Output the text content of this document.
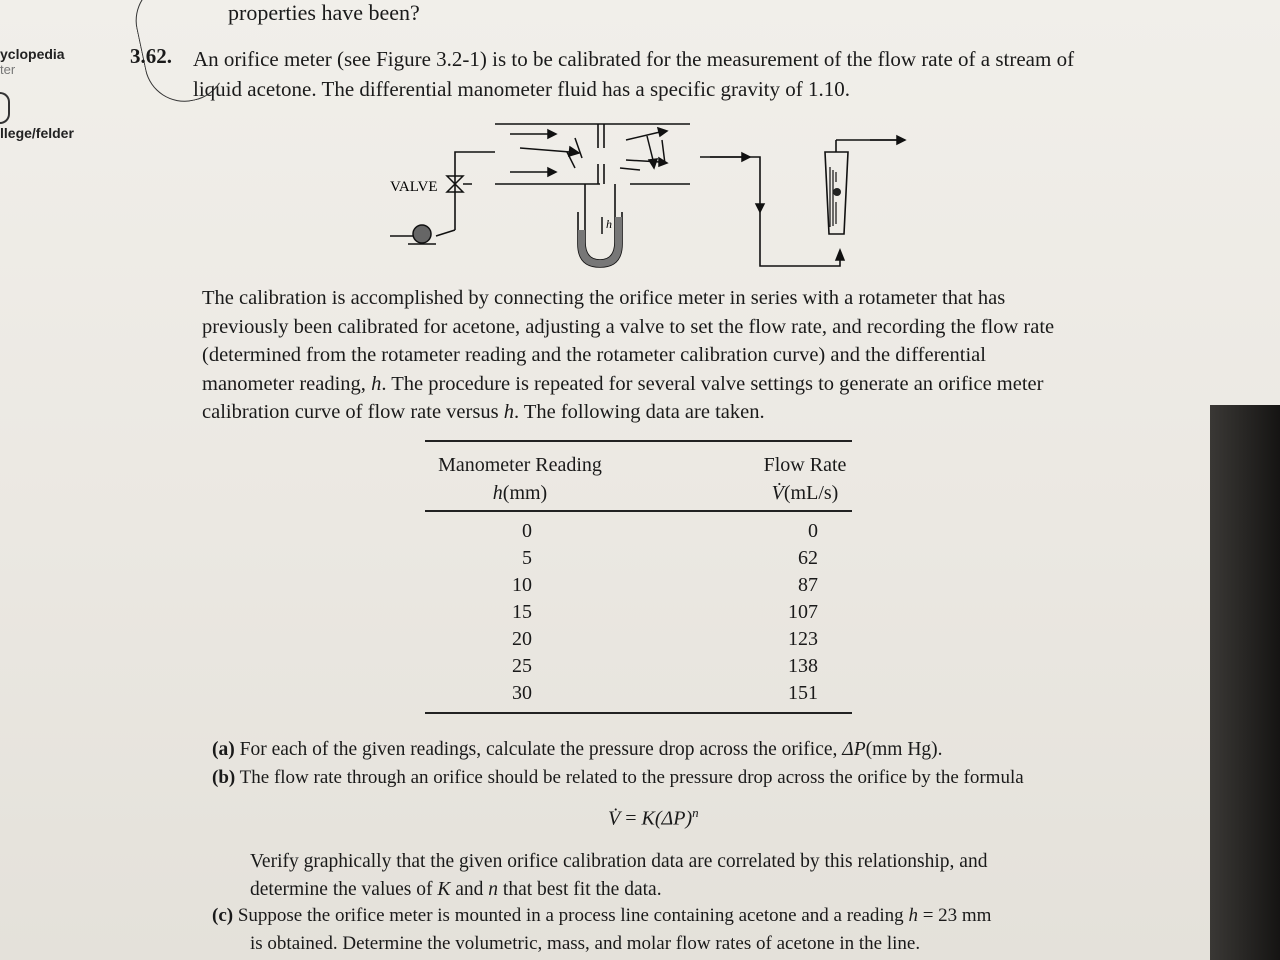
yclopedia
ter
llege/felder
properties have been?
3.62. An orifice meter (see Figure 3.2-1) is to be calibrated for the measurement of the flow rate of a stream of
liquid acetone. The differential manometer fluid has a specific gravity of 1.10.
VALVE
h
The calibration is accomplished by connecting the orifice meter in series with a rotameter that has
previously been calibrated for acetone, adjusting a valve to set the flow rate, and recording the flow rate
(determined from the rotameter reading and the rotameter calibration curve) and the differential
manometer reading, h. The procedure is repeated for several valve settings to generate an orifice meter
calibration curve of flow rate versus h. The following data are taken.
Manometer Reading
h(mm)
Flow Rate
V̇(mL/s)
0
5
10
15
20
25
30
0
62
87
107
123
138
151
(a) For each of the given readings, calculate the pressure drop across the orifice, ΔP(mm Hg).
(b) The flow rate through an orifice should be related to the pressure drop across the orifice by the formula
V̇ = $K(\Delta P)^n$
Verify graphically that the given orifice calibration data are correlated by this relationship, and
determine the values of K and n that best fit the data.
(c) Suppose the orifice meter is mounted in a process line containing acetone and a reading h = 23 mm
is obtained. Determine the volumetric, mass, and molar flow rates of acetone in the line.
